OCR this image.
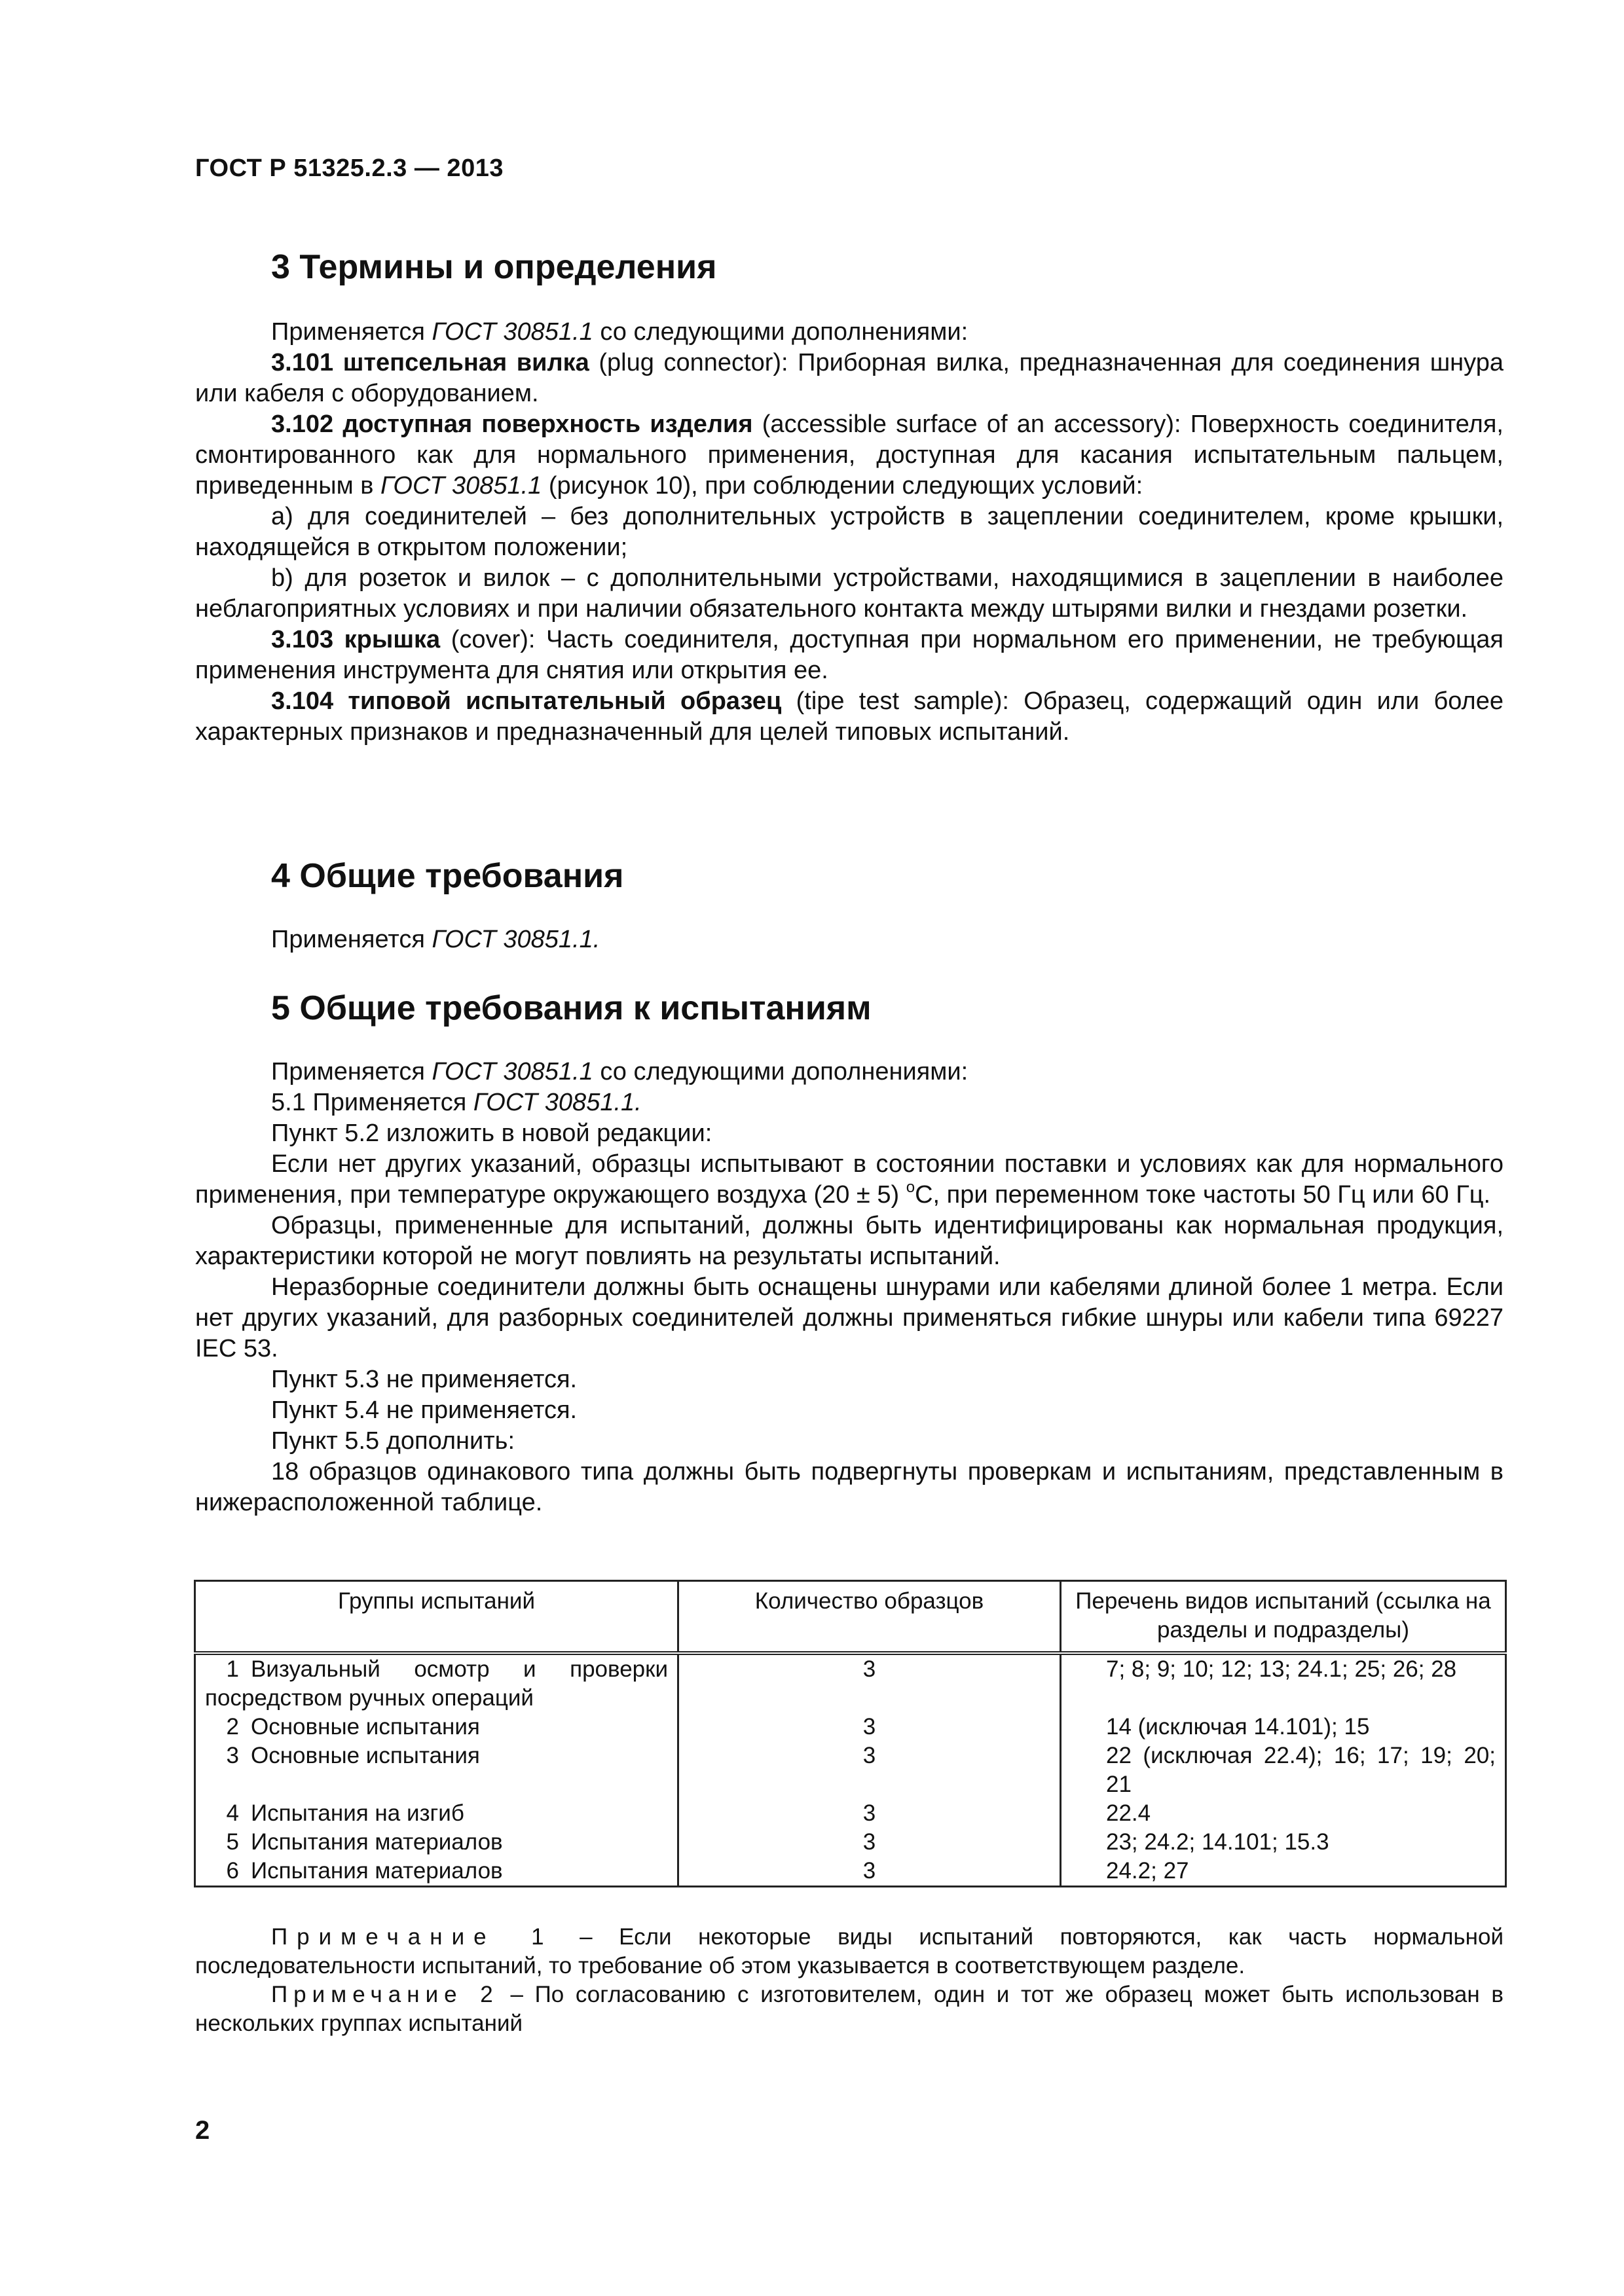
ГОСТ Р 51325.2.3 — 2013
3 Термины и определения

Применяется ГОСТ 30851.1 со следующими дополнениями:

3.101 штепсельная вилка (plug connector): Приборная вилка, предназначенная для соединения шнура или кабеля с оборудованием.

3.102 доступная поверхность изделия (accessible surface of an accessory): Поверхность соединителя, смонтированного как для нормального применения, доступная для касания испытательным пальцем, приведенным в ГОСТ 30851.1 (рисунок 10), при соблюдении следующих условий:

a) для соединителей – без дополнительных устройств в зацеплении соединителем, кроме крышки, находящейся в открытом положении;

b) для розеток и вилок – с дополнительными устройствами, находящимися в зацеплении в наиболее неблагоприятных условиях и при наличии обязательного контакта между штырями вилки и гнездами розетки.

3.103 крышка (cover): Часть соединителя, доступная при нормальном его применении, не требующая применения инструмента для снятия или открытия ее.

3.104 типовой испытательный образец (tipe test sample): Образец, содержащий один или более характерных признаков и предназначенный для целей типовых испытаний.

4 Общие требования

Применяется ГОСТ 30851.1.

5 Общие требования к испытаниям

Применяется ГОСТ 30851.1 со следующими дополнениями:

5.1 Применяется ГОСТ 30851.1.

Пункт 5.2 изложить в новой редакции:

Если нет других указаний, образцы испытывают в состоянии поставки и условиях как для нормального применения, при температуре окружающего воздуха (20 ± 5) $^o$С, при переменном токе частоты 50 Гц или 60 Гц.

Образцы, примененные для испытаний, должны быть идентифицированы как нормальная продукция, характеристики которой не могут повлиять на результаты испытаний.

Неразборные соединители должны быть оснащены шнурами или кабелями длиной более 1 метра. Если нет других указаний, для разборных соединителей должны применяться гибкие шнуры или кабели типа 69227 IEC 53.

Пункт 5.3 не применяется.

Пункт 5.4 не применяется.

Пункт 5.5 дополнить:

18 образцов одинакового типа должны быть подвергнуты проверкам и испытаниям, представленным в нижерасположенной таблице.

Группы испытаний	Количество образцов	Перечень видов испытаний (ссылка на разделы и подразделы)
1 Визуальный осмотр и проверки посредством ручных операций	3	7; 8; 9; 10; 12; 13; 24.1; 25; 26; 28
2 Основные испытания	3	14 (исключая 14.101); 15
3 Основные испытания	3	22 (исключая 22.4); 16; 17; 19; 20; 21
4 Испытания на изгиб	3	22.4
5 Испытания материалов	3	23; 24.2; 14.101; 15.3
6 Испытания материалов	3	24.2; 27

Примечание 1 – Если некоторые виды испытаний повторяются, как часть нормальной последовательности испытаний, то требование об этом указывается в соответствующем разделе.

Примечание 2 – По согласованию с изготовителем, один и тот же образец может быть использован в нескольких группах испытаний

2
